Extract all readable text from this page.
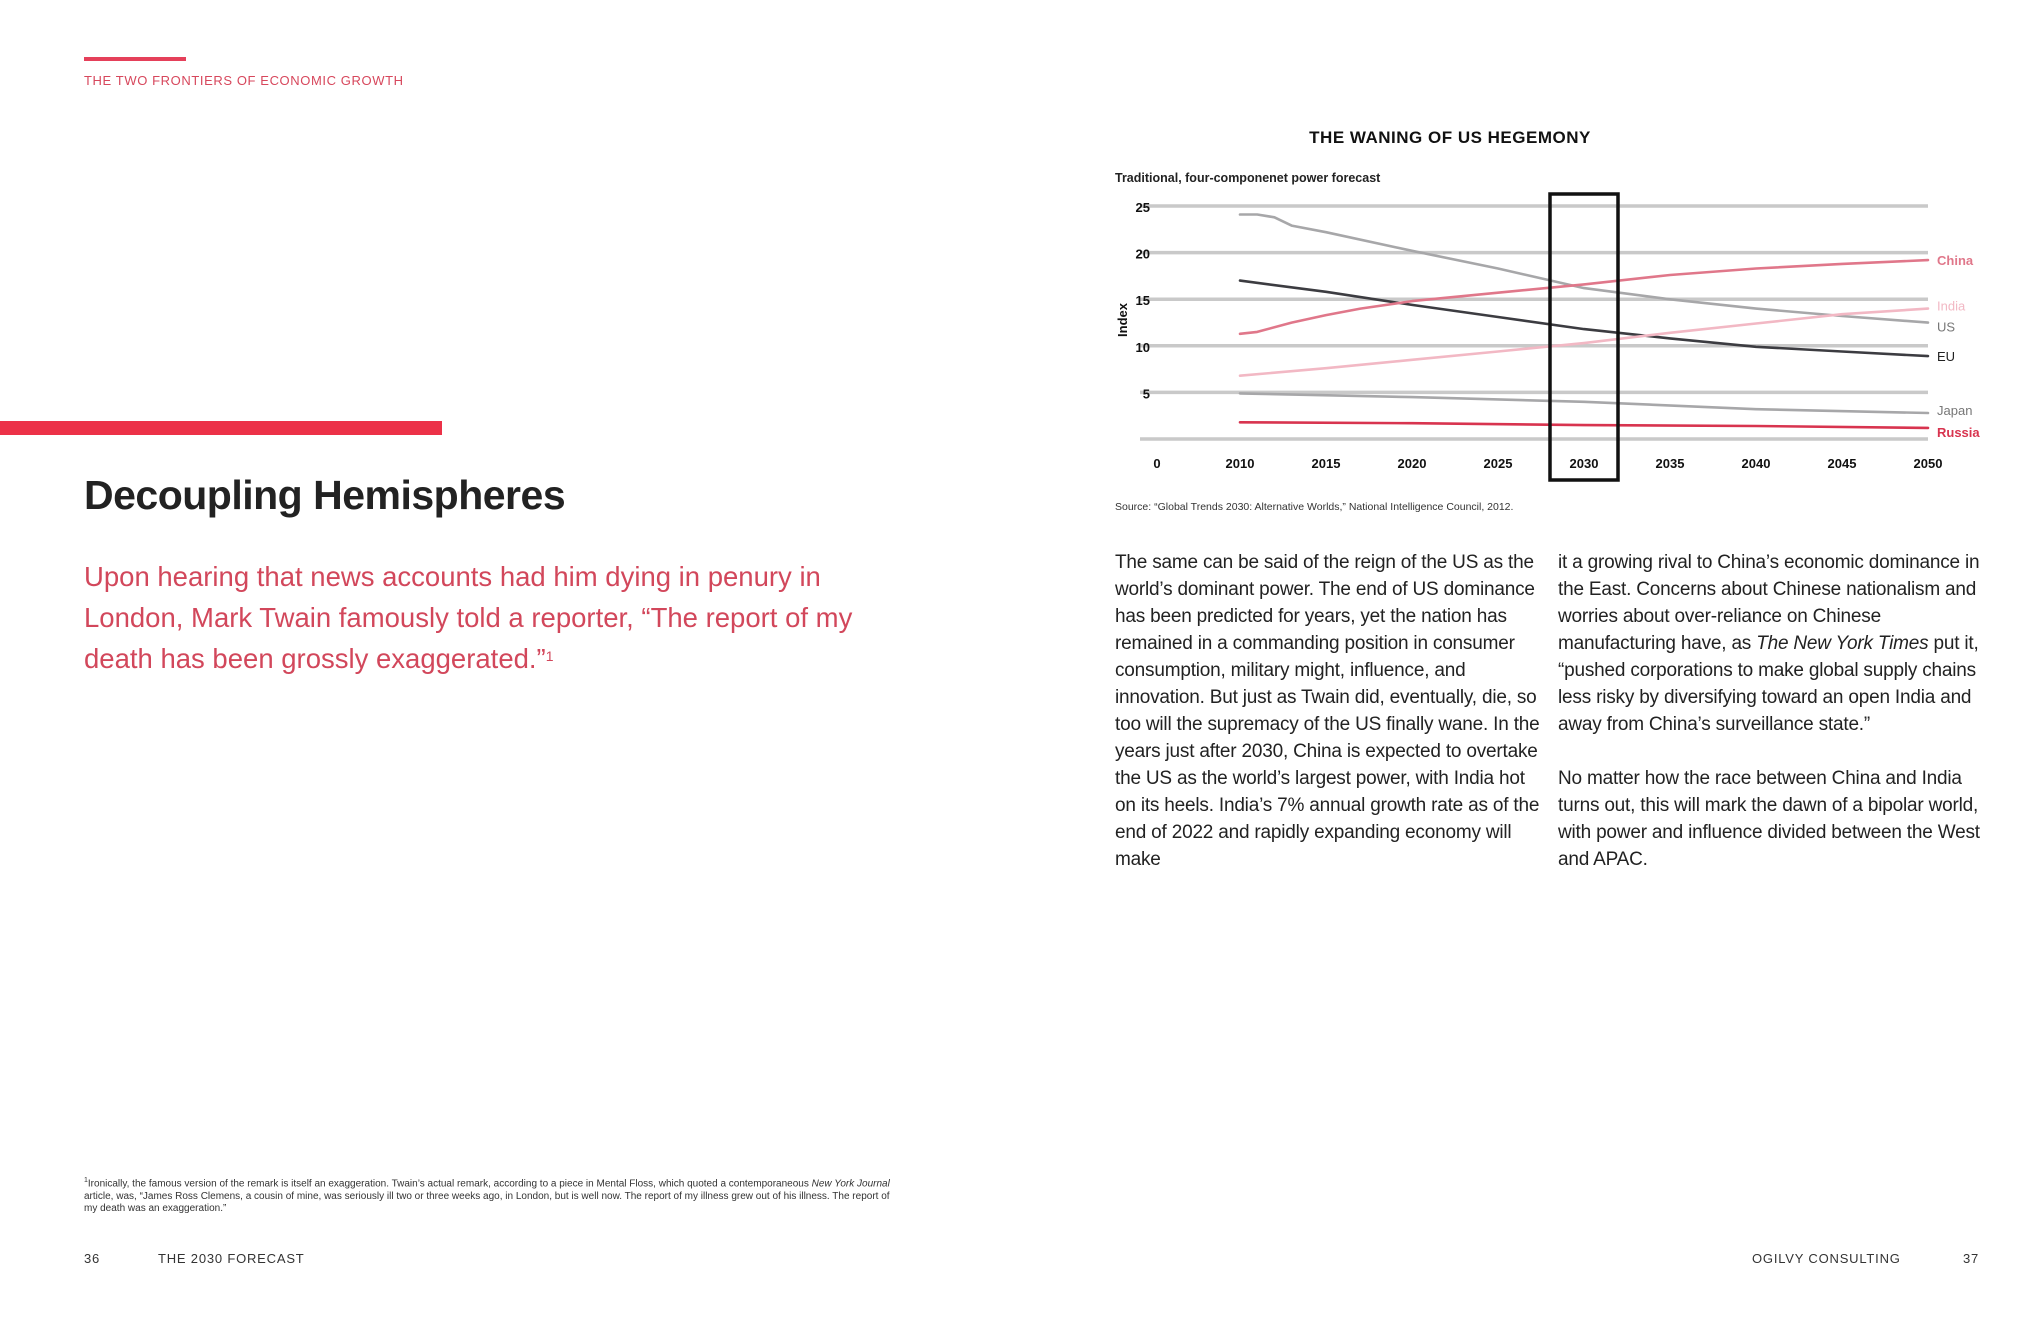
THE TWO FRONTIERS OF ECONOMIC GROWTH
Decoupling Hemispheres
Upon hearing that news accounts had him dying in penury in London, Mark Twain famously told a reporter, “The report of my death has been grossly exaggerated.”$^1$
$^1$Ironically, the famous version of the remark is itself an exaggeration. Twain’s actual remark, according to a piece in Mental Floss, which quoted a contemporaneous New York Journal article, was, “James Ross Clemens, a cousin of mine, was seriously ill two or three weeks ago, in London, but is well now. The report of my illness grew out of his illness. The report of my death was an exaggeration.”
36	THE 2030 FORECAST
THE WANING OF US HEGEMONY
Traditional, four-componenet power forecast
25
20
15
10
5
0	2010	2015	2020	2025	2030	2035	2040	2045	2050
US
EU
China
India
Japan
Russia
Index
Source: “Global Trends 2030: Alternative Worlds,” National Intelligence Council, 2012.

The same can be said of the reign of the US as the world’s dominant power. The end of US dominance has been predicted for years, yet the nation has remained in a commanding position in consumer consumption, military might, influence, and innovation. But just as Twain did, eventually, die, so too will the supremacy of the US finally wane. In the years just after 2030, China is expected to overtake the US as the world’s largest power, with India hot on its heels. India’s 7% annual growth rate as of the end of 2022 and rapidly expanding economy will make

it a growing rival to China’s economic dominance in the East. Concerns about Chinese nationalism and worries about over-reliance on Chinese manufacturing have, as The New York Times put it, “pushed corporations to make global supply chains less risky by diversifying toward an open India and away from China’s surveillance state.”

No matter how the race between China and India turns out, this will mark the dawn of a bipolar world, with power and influence divided between the West and APAC.

OGILVY CONSULTING	37
